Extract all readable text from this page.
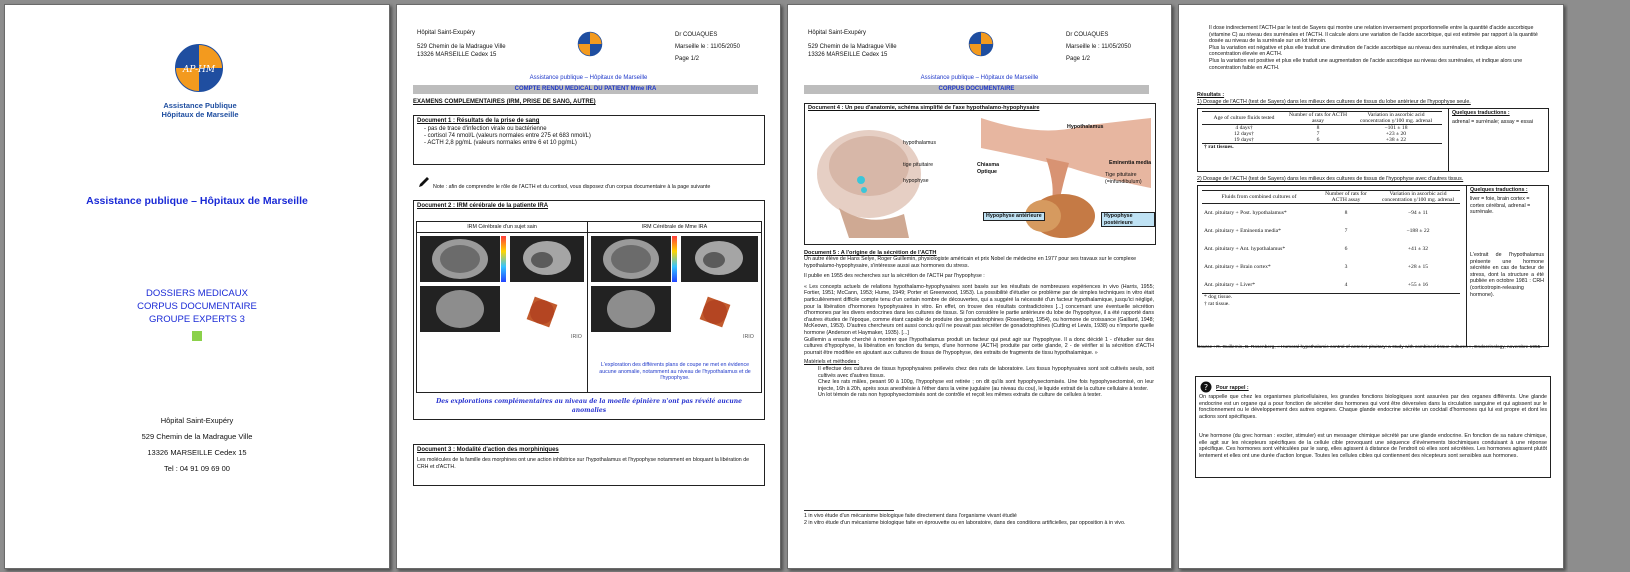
AP-HM
Assistance Publique
Hôpitaux de Marseille
Assistance publique – Hôpitaux de Marseille
DOSSIERS MEDICAUX
CORPUS DOCUMENTAIRE
GROUPE EXPERTS 3
Hôpital Saint-Exupéry
529 Chemin de la Madrague Ville
13326 MARSEILLE Cedex 15
Tel : 04 91 09 69 00
Hôpital Saint-Exupéry
529 Chemin de la Madrague Ville
13326 MARSEILLE Cedex 15
Dr COUAQUES
Marseille le : 11/05/2050
Page 1/2
Assistance publique – Hôpitaux de Marseille
COMPTE RENDU MEDICAL DU PATIENT Mme IRA
EXAMENS COMPLEMENTAIRES (IRM, PRISE DE SANG, AUTRE)
Document 1 : Résultats de la prise de sang
- pas de trace d'infection virale ou bactérienne
- cortisol 74 nmol/L (valeurs normales entre 275 et 683 nmol/L)
- ACTH 2,8 pg/mL (valeurs normales entre 6 et 10 pg/mL)
Note : afin de comprendre le rôle de l'ACTH et du cortisol, vous disposez d'un corpus documentaire à la page suivante
Document 2 : IRM cérébrale de la patiente IRA
IRM Cérébrale d'un sujet sain	IRM Cérébrale de Mme IRA
IRIO	IRIO
L'exploration des différents plans de coupe ne met en évidence aucune anomalie, notamment au niveau de l'hypothalamus et de l'hypophyse.
Des explorations complémentaires au niveau de la moelle épinière n'ont pas révélé aucune anomalies
Document 3 : Modalité d'action des morphiniques
Les molécules de la famille des morphines ont une action inhibitrice sur l'hypothalamus et l'hypophyse notamment en bloquant la libération de CRH et d'ACTH.
Hôpital Saint-Exupéry
529 Chemin de la Madrague Ville
13326 MARSEILLE Cedex 15
Dr COUAQUES
Marseille le : 11/05/2050
Page 1/2
Assistance publique – Hôpitaux de Marseille
CORPUS DOCUMENTAIRE
Document 4 : Un peu d'anatomie, schéma simplifié de l'axe hypothalamo-hypophysaire
hypothalamus
tige pituitaire
hypophyse
Hypothalamus
Chiasma Optique
Eminentia media
Tige pituitaire (=infundibulum)
Hypophyse antérieure	Hypophyse postérieure
Document 5 : A l'origine de la sécrétion de l'ACTH
Un autre élève de Hans Selye, Roger Guillemin, physiologiste américain et prix Nobel de médecine en 1977 pour ses travaux sur le complexe hypothalamo-hypophysaire, s'intéresse aussi aux hormones du stress.
Il publie en 1955 des recherches sur la sécrétion de l'ACTH par l'hypophyse :
« Les concepts actuels de relations hypothalamo-hypophysaires sont basés sur les résultats de nombreuses expériences in vivo (Harris, 1955; Fortier, 1951; McCann, 1953; Hume, 1949; Porter et Greenwood, 1953). La possibilité d'étudier ce problème par de simples techniques in vitro était particulièrement difficile compte tenu d'un certain nombre de découvertes, qui a suggéré la nécessité d'un facteur hypothalamique, jusqu'ici négligé, pour la libération d'hormones hypophysaires in vitro. En effet, on trouve des résultats contradictoires [...] concernant une éventuelle sécrétion d'hormones par les divers endocrines dans les cultures de tissus. Si l'on considère le partie antérieure du lobe de l'hypophyse, il a été rapporté dans d'autres études de l'époque, comme étant capable de produire des gonadotrophines (Rosenberg, 1954), ou hormone de croissance (Gaillard, 1948; McKeown, 1953). D'autres chercheurs ont aussi conclu qu'il ne pouvait pas sécréter de gonadotrophines (Cutting et Lewis, 1938) ou n'importe quelle hormone (Anderson et Haymaker, 1935). [...]
Guillemin a ensuite cherché à montrer que l'hypothalamus produit un facteur qui peut agir sur l'hypophyse. Il a donc décidé 1 - d'étudier sur des cultures d'hypophyse, la libération en fonction du temps, d'une hormone (ACTH) produite par cette glande, 2 - de vérifier si la sécrétion d'ACTH pourrait être modifiée en ajoutant aux cultures de tissus de l'hypophyse, des extraits de fragments de tissu hypothalamique. »
Matériels et méthodes :
Il effectue des cultures de tissus hypophysaires prélevés chez des rats de laboratoire. Les tissus hypophysaires sont soit cultivés seuls, soit cultivés avec d'autres tissus.
Chez les rats mâles, pesant 90 à 100g, l'hypophyse est retirée ; on dit qu'ils sont hypophysectomisés. Une fois hypophysectomisé, on leur injecte, 16h à 20h, après sous anesthésie à l'éther dans la veine jugulaire (au niveau du cou), le liquide extrait de la culture cellulaire à tester.
Un lot témoin de rats non hypophysectomisés sont de contrôle et reçoit les mêmes extraits de culture de cellules à tester.
1 in vivo étude d'un mécanisme biologique faite directement dans l'organisme vivant étudié
2 in vitro étude d'un mécanisme biologique faite en éprouvette ou en laboratoire, dans des conditions artificielles, par opposition à in vivo.
Il dose indirectement l'ACTH par le test de Sayers qui montre une relation inversement proportionnelle entre la quantité d'acide ascorbique (vitamine C) au niveau des surrénales et l'ACTH. Il calcule alors une variation de l'acide ascorbique, qui est estimée par rapport à la quantité dosée au niveau de la surrénale sur un lot témoin.
Plus la variation est négative et plus elle traduit une diminution de l'acide ascorbique au niveau des surrénales, et indique alors une concentration élevée en ACTH.
Plus la variation est positive et plus elle traduit une augmentation de l'acide ascorbique au niveau des surrénales, et indique alors une concentration faible en ACTH.
Résultats :
1) Dosage de l'ACTH (test de Sayers) dans les milieux des cultures de tissus du lobe antérieur de l'hypophyse seule.
Age of culture fluids tested	Number of rats for ACTH assay	Variation in ascorbic acid concentration γ/100 mg. adrenal
4 days†	8	−101 ± 18
12 days†	7	+23 ± 20
19 days†	6	+38 ± 22
† rat tissues.		
Quelques traductions :
adrenal = surrénale; assay = essai
2) Dosage de l'ACTH (test de Sayers) dans les milieux des cultures de tissus de l'hypophyse avec d'autres tissus.
Fluids from combined cultures of	Number of rats for ACTH assay	Variation in ascorbic acid concentration γ/100 mg. adrenal
Ant. pituitary + Post. hypothalamus*	8	−94 ± 11
Ant. pituitary + Eminentia media*	7	−188 ± 22
Ant. pituitary + Ant. hypothalamus*	6	+41 ± 32
Ant. pituitary + Brain cortex*	3	+28 ± 15
Ant. pituitary + Liver*	4	+55 ± 16
* dog tissue.		
† rat tissue.		
Quelques traductions :
liver = foie, brain cortex = cortex cérébral, adrenal = surrénale.
L'extrait de l'hypothalamus présente une hormone sécrétée en cas de facteur de stress, dont la structure a été publiée en octobre 1981 : CRH (corticotropin-releasing hormone).
Source : R. Guillemin, B. Rosenberg, « Humoral hypothalamic control of anterior pituitary: a study with combined tissue cultures », Endocrinology, novembre 1955.
? Pour rappel :
On rappelle que chez les organismes pluricellulaires, les grandes fonctions biologiques sont assurées par des organes différents. Une glande endocrine est un organe qui a pour fonction de sécréter des hormones qui vont être déversées dans la circulation sanguine et qui agissent sur le fonctionnement ou le développement des autres organes. Chaque glande endocrine sécrète un cocktail d'hormones qui lui est propre et dont les actions sont spécifiques.
Une hormone (du grec horman : exciter, stimuler) est un messager chimique sécrété par une glande endocrine. En fonction de sa nature chimique, elle agit sur les récepteurs spécifiques de la cellule cible provoquant une séquence d'évènements biochimiques conduisant à une réponse spécifique. Ces hormones sont véhiculées par le sang, elles agissent à distance de l'endroit où elles sont sécrétées. Les hormones agissent plutôt lentement et elles ont une durée d'action longue. Toutes les cellules cibles qui contiennent des récepteurs sont sensibles aux hormones.
